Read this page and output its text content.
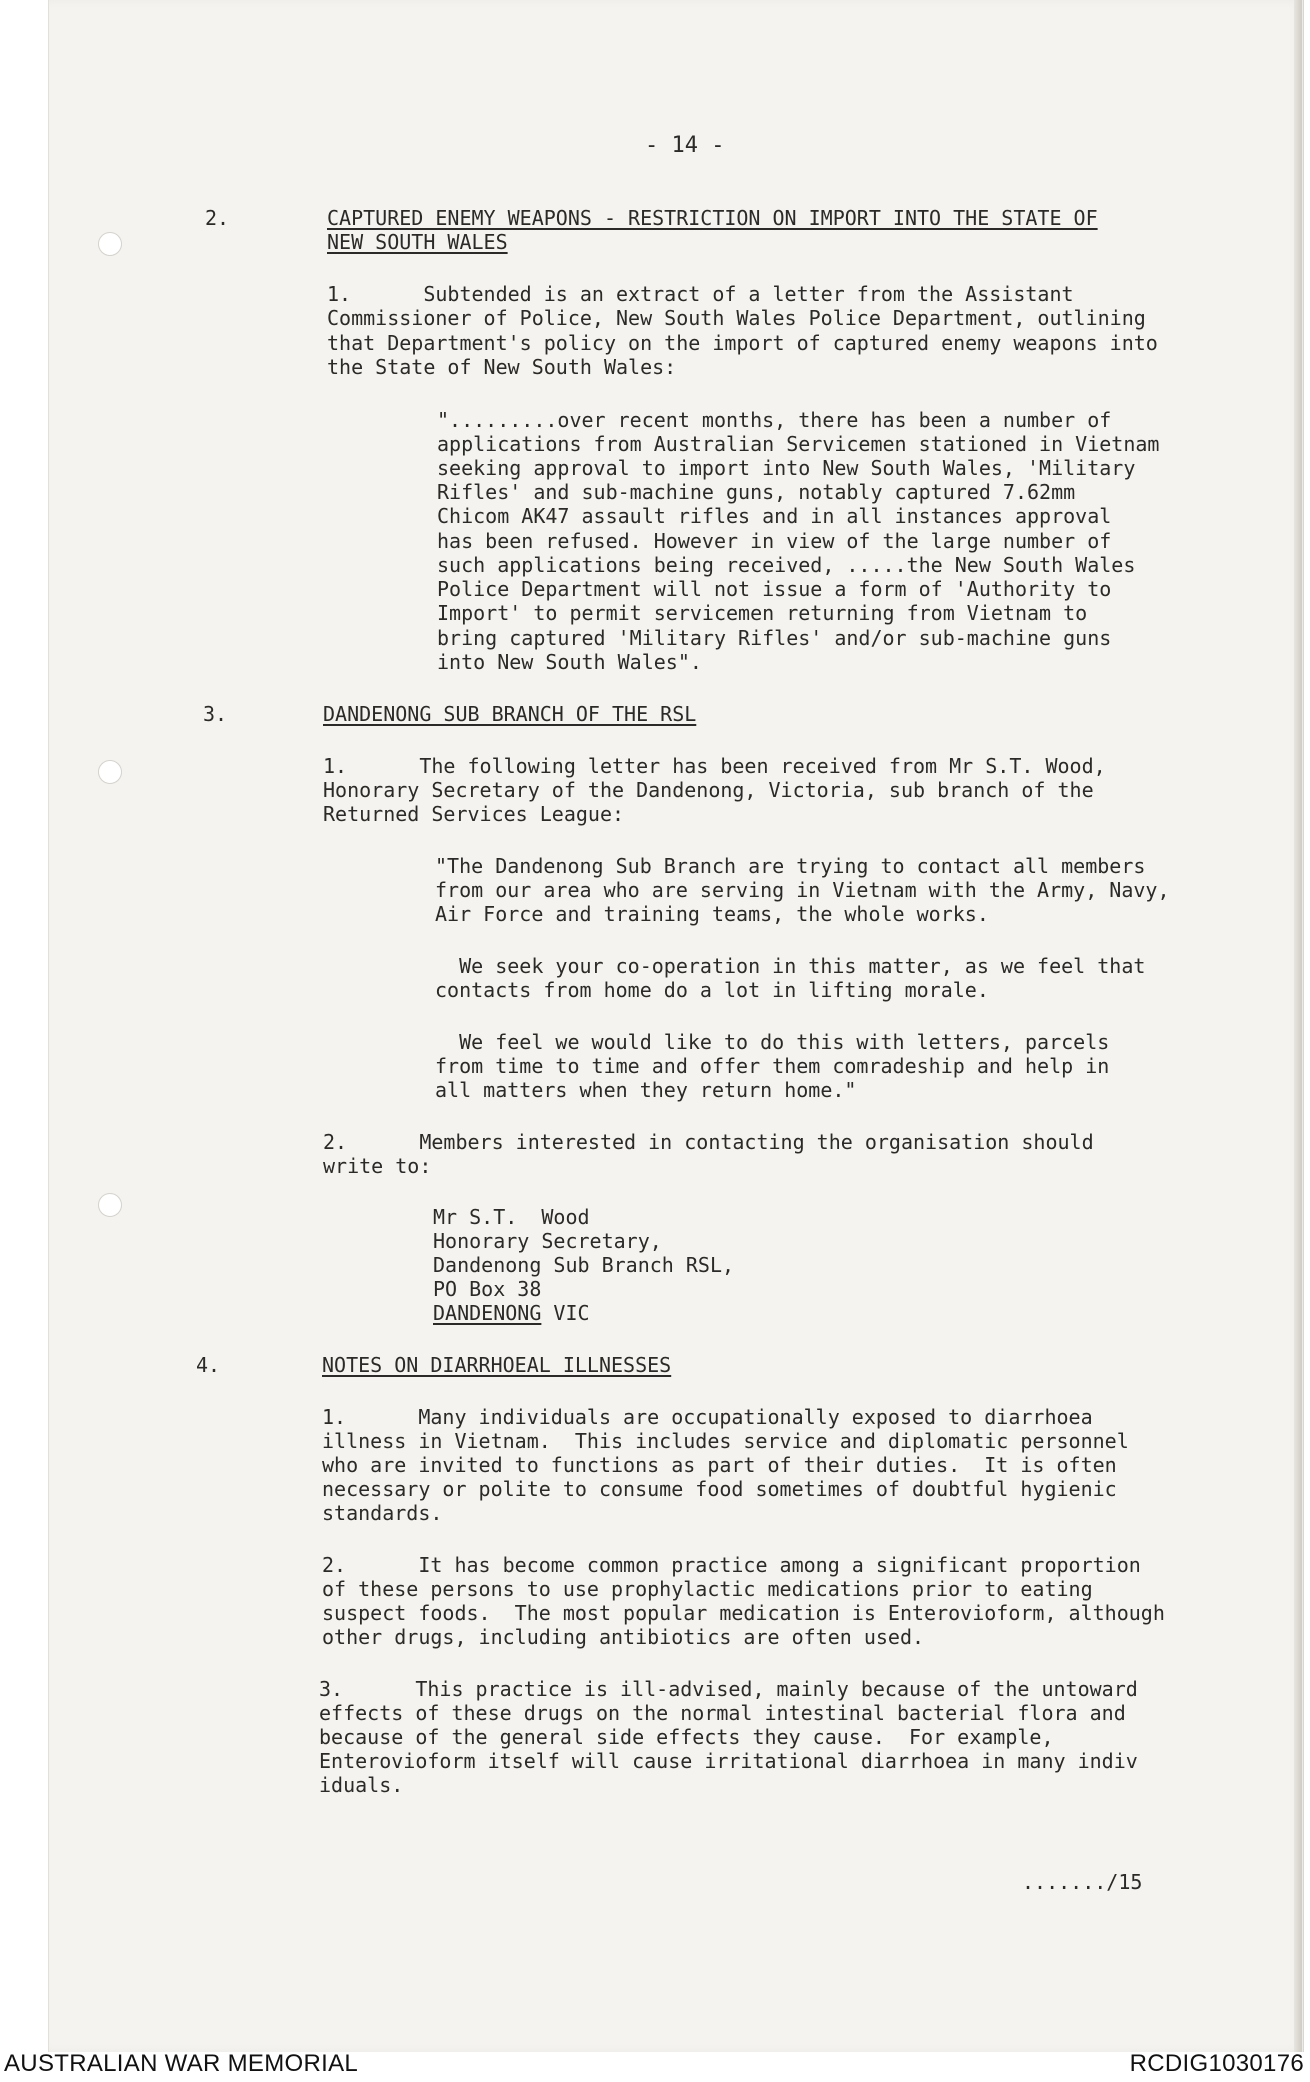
- 14 -
2.	CAPTURED ENEMY WEAPONS - RESTRICTION ON IMPORT INTO THE STATE OF
NEW SOUTH WALES
1.      Subtended is an extract of a letter from the Assistant
Commissioner of Police, New South Wales Police Department, outlining
that Department's policy on the import of captured enemy weapons into
the State of New South Wales:
".........over recent months, there has been a number of
applications from Australian Servicemen stationed in Vietnam
seeking approval to import into New South Wales, 'Military
Rifles' and sub-machine guns, notably captured 7.62mm
Chicom AK47 assault rifles and in all instances approval
has been refused. However in view of the large number of
such applications being received, .....the New South Wales
Police Department will not issue a form of 'Authority to
Import' to permit servicemen returning from Vietnam to
bring captured 'Military Rifles' and/or sub-machine guns
into New South Wales".
3.	DANDENONG SUB BRANCH OF THE RSL
1.      The following letter has been received from Mr S.T. Wood,
Honorary Secretary of the Dandenong, Victoria, sub branch of the
Returned Services League:
"The Dandenong Sub Branch are trying to contact all members
from our area who are serving in Vietnam with the Army, Navy,
Air Force and training teams, the whole works.
We seek your co-operation in this matter, as we feel that
contacts from home do a lot in lifting morale.
We feel we would like to do this with letters, parcels
from time to time and offer them comradeship and help in
all matters when they return home."
2.      Members interested in contacting the organisation should
write to:
Mr S.T.  Wood
Honorary Secretary,
Dandenong Sub Branch RSL,
PO Box 38
DANDENONG VIC
4.	NOTES ON DIARRHOEAL ILLNESSES
1.      Many individuals are occupationally exposed to diarrhoea
illness in Vietnam.  This includes service and diplomatic personnel
who are invited to functions as part of their duties.  It is often
necessary or polite to consume food sometimes of doubtful hygienic
standards.
2.      It has become common practice among a significant proportion
of these persons to use prophylactic medications prior to eating
suspect foods.  The most popular medication is Enterovioform, although
other drugs, including antibiotics are often used.
3.      This practice is ill-advised, mainly because of the untoward
effects of these drugs on the normal intestinal bacterial flora and
because of the general side effects they cause.  For example,
Enterovioform itself will cause irritational diarrhoea in many indiv
iduals.
......./15
AUSTRALIAN WAR MEMORIAL	RCDIG1030176
